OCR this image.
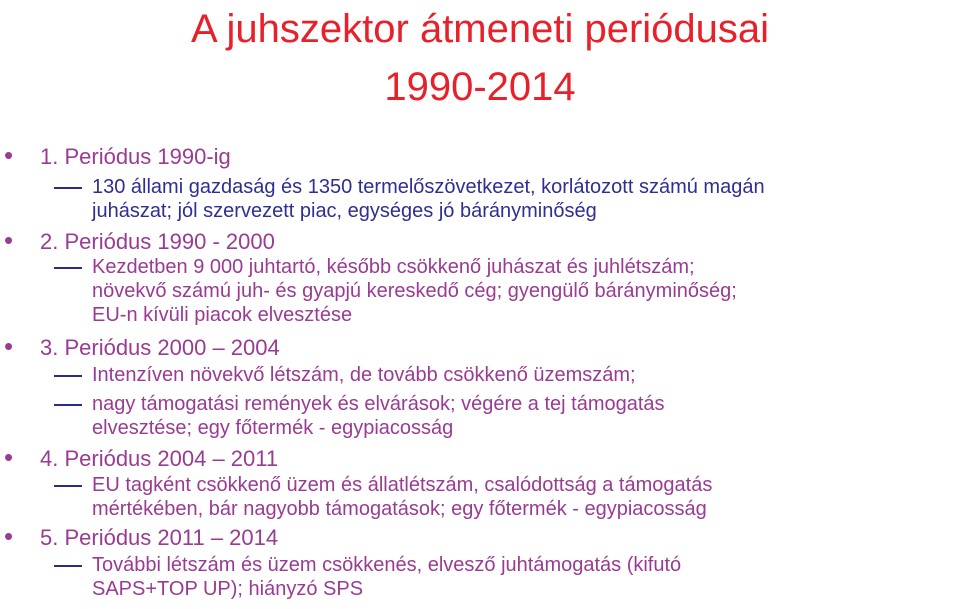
A juhszektor átmeneti periódusai
1990-2014
•	1. Periódus 1990-ig
130 állami gazdaság és 1350 termelőszövetkezet, korlátozott számú magán
juhászat; jól szervezett piac, egységes jó bárányminőség
•	2. Periódus 1990 - 2000
Kezdetben 9 000 juhtartó, később csökkenő juhászat és juhlétszám;
növekvő számú juh- és gyapjú kereskedő cég; gyengülő bárányminőség;
EU-n kívüli piacok elvesztése
•	3. Periódus 2000 – 2004
Intenzíven növekvő létszám, de tovább csökkenő üzemszám;
nagy támogatási remények és elvárások; végére a tej támogatás
elvesztése; egy főtermék - egypiacosság
•	4. Periódus 2004 – 2011
EU tagként csökkenő üzem és állatlétszám, csalódottság a támogatás
mértékében, bár nagyobb támogatások; egy főtermék - egypiacosság
•	5. Periódus 2011 – 2014
További létszám és üzem csökkenés, elvesző juhtámogatás (kifutó
SAPS+TOP UP); hiányzó SPS
